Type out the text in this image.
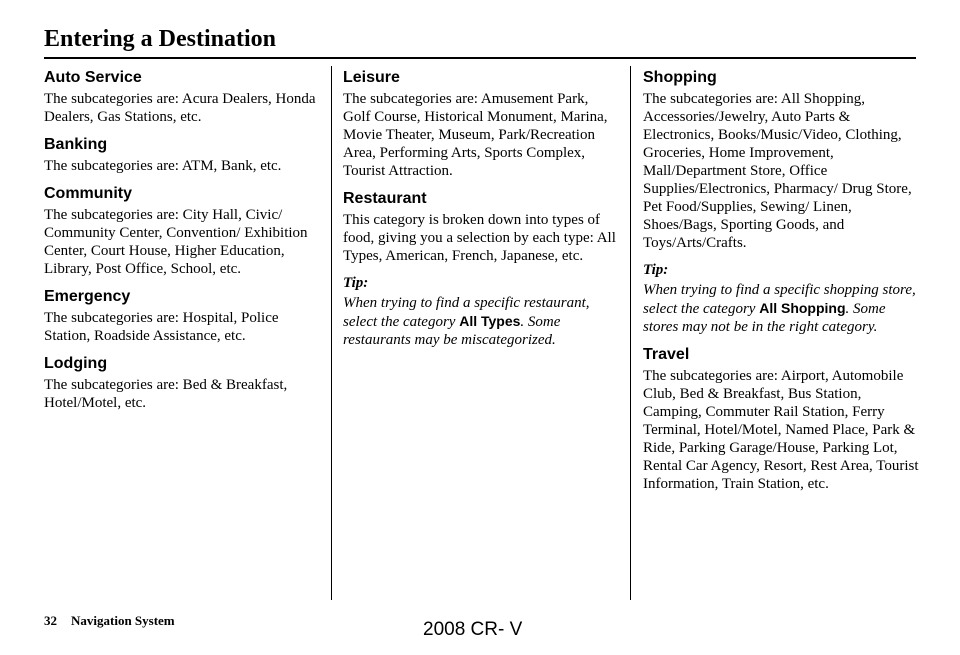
Entering a Destination
Auto Service

The subcategories are: Acura Dealers, Honda Dealers, Gas Stations, etc.

Banking

The subcategories are: ATM, Bank, etc.

Community

The subcategories are: City Hall, Civic/ Community Center, Convention/ Exhibition Center, Court House, Higher Education, Library, Post Office, School, etc.

Emergency

The subcategories are: Hospital, Police Station, Roadside Assistance, etc.

Lodging

The subcategories are: Bed & Breakfast, Hotel/Motel, etc.

Leisure

The subcategories are: Amusement Park, Golf Course, Historical Monument, Marina, Movie Theater, Museum, Park/Recreation Area, Performing Arts, Sports Complex, Tourist Attraction.

Restaurant

This category is broken down into types of food, giving you a selection by each type: All Types, American, French, Japanese, etc.

Tip:

When trying to find a specific restaurant, select the category All Types. Some restaurants may be miscategorized.

Shopping

The subcategories are: All Shopping, Accessories/Jewelry, Auto Parts & Electronics, Books/Music/Video, Clothing, Groceries, Home Improvement, Mall/Department Store, Office Supplies/Electronics, Pharmacy/ Drug Store, Pet Food/Supplies, Sewing/ Linen, Shoes/Bags, Sporting Goods, and Toys/Arts/Crafts.

Tip:

When trying to find a specific shopping store, select the category All Shopping. Some stores may not be in the right category.

Travel

The subcategories are: Airport, Automobile Club, Bed & Breakfast, Bus Station, Camping, Commuter Rail Station, Ferry Terminal, Hotel/Motel, Named Place, Park & Ride, Parking Garage/House, Parking Lot, Rental Car Agency, Resort, Rest Area, Tourist Information, Train Station, etc.

32 Navigation System	2008 CR- V
